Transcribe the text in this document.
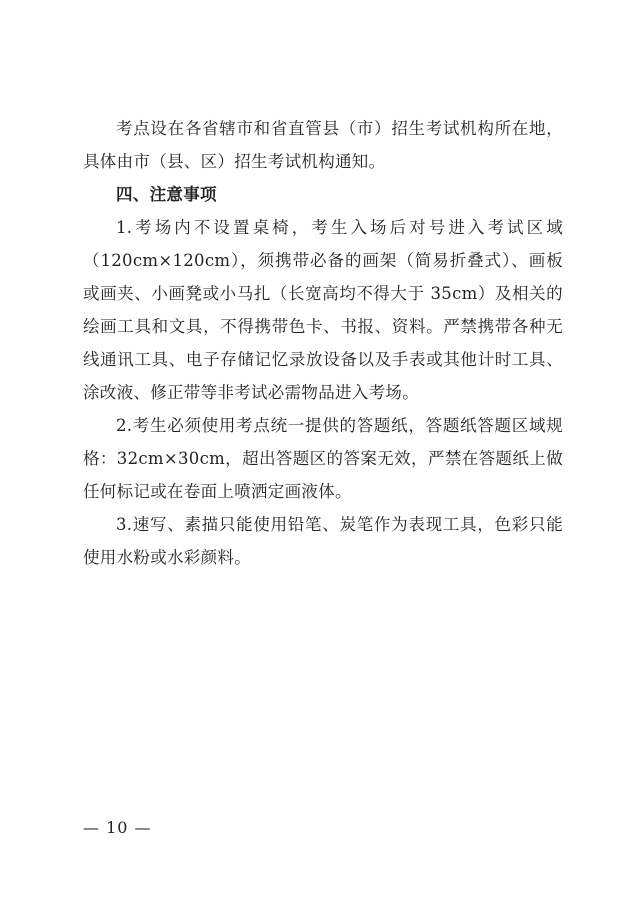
考点设在各省辖市和省直管县（市）招生考试机构所在地，具体由市（县、区）招生考试机构通知。

四、注意事项

1.考场内不设置桌椅，考生入场后对号进入考试区域（120cm×120cm），须携带必备的画架（简易折叠式）、画板或画夹、小画凳或小马扎（长宽高均不得大于 35cm）及相关的绘画工具和文具，不得携带色卡、书报、资料。严禁携带各种无线通讯工具、电子存储记忆录放设备以及手表或其他计时工具、涂改液、修正带等非考试必需物品进入考场。

2.考生必须使用考点统一提供的答题纸，答题纸答题区域规格：32cm×30cm，超出答题区的答案无效，严禁在答题纸上做任何标记或在卷面上喷洒定画液体。

3.速写、素描只能使用铅笔、炭笔作为表现工具，色彩只能使用水粉或水彩颜料。

— 10 —
